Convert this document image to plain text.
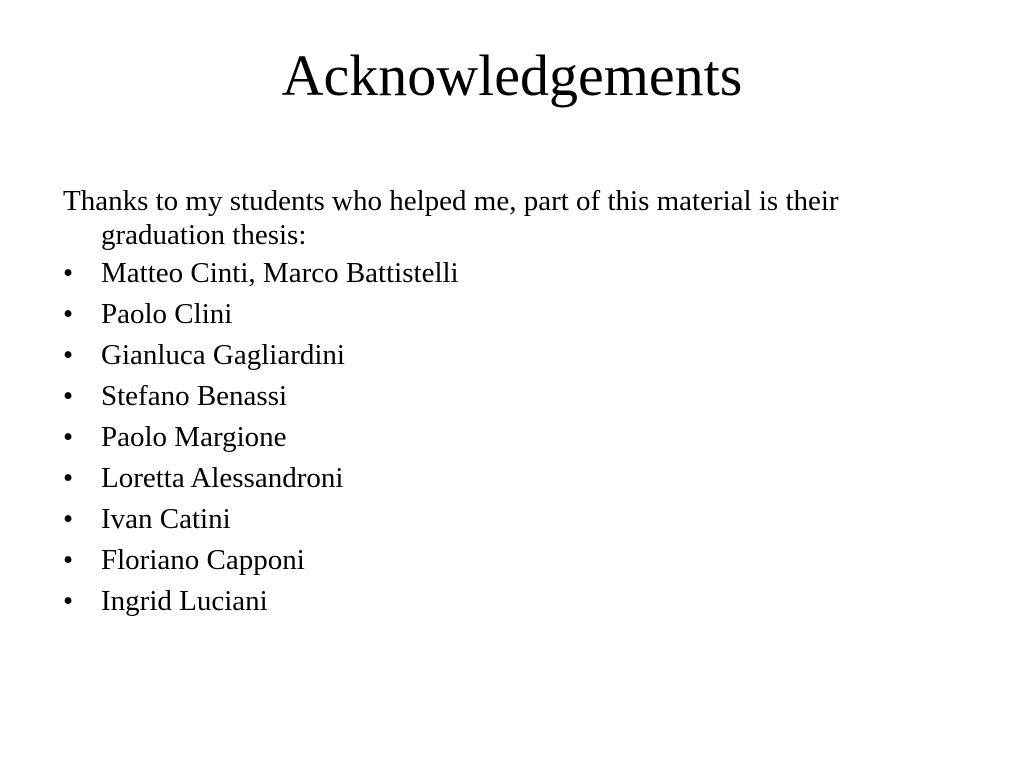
Acknowledgements

Thanks to my students who helped me, part of this material is their graduation thesis:

• Matteo Cinti, Marco Battistelli
• Paolo Clini
• Gianluca Gagliardini
• Stefano Benassi
• Paolo Margione
• Loretta Alessandroni
• Ivan Catini
• Floriano Capponi
• Ingrid Luciani
